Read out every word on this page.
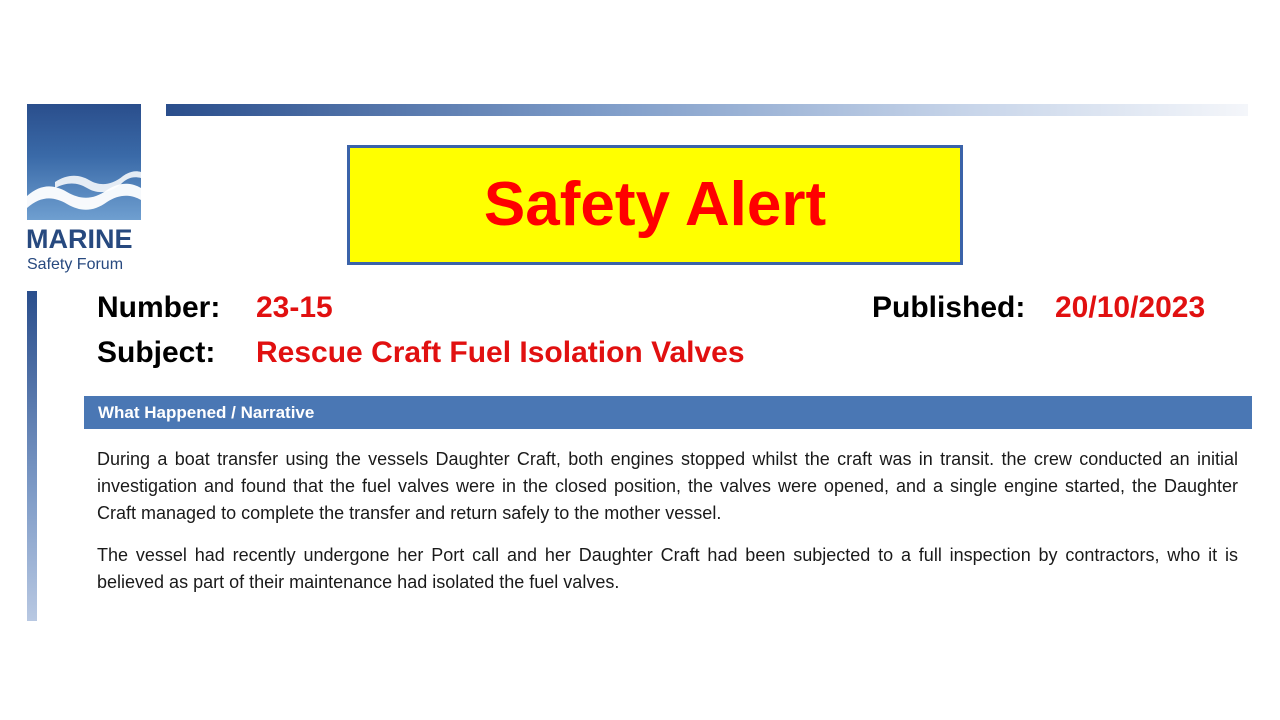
MARINE
Safety Forum
Safety Alert
Number: 23-15	Published: 20/10/2023
Subject: Rescue Craft Fuel Isolation Valves
What Happened / Narrative

During a boat transfer using the vessels Daughter Craft, both engines stopped whilst the craft was in transit. the crew conducted an initial investigation and found that the fuel valves were in the closed position, the valves were opened, and a single engine started, the Daughter Craft managed to complete the transfer and return safely to the mother vessel.

The vessel had recently undergone her Port call and her Daughter Craft had been subjected to a full inspection by contractors, who it is believed as part of their maintenance had isolated the fuel valves.
